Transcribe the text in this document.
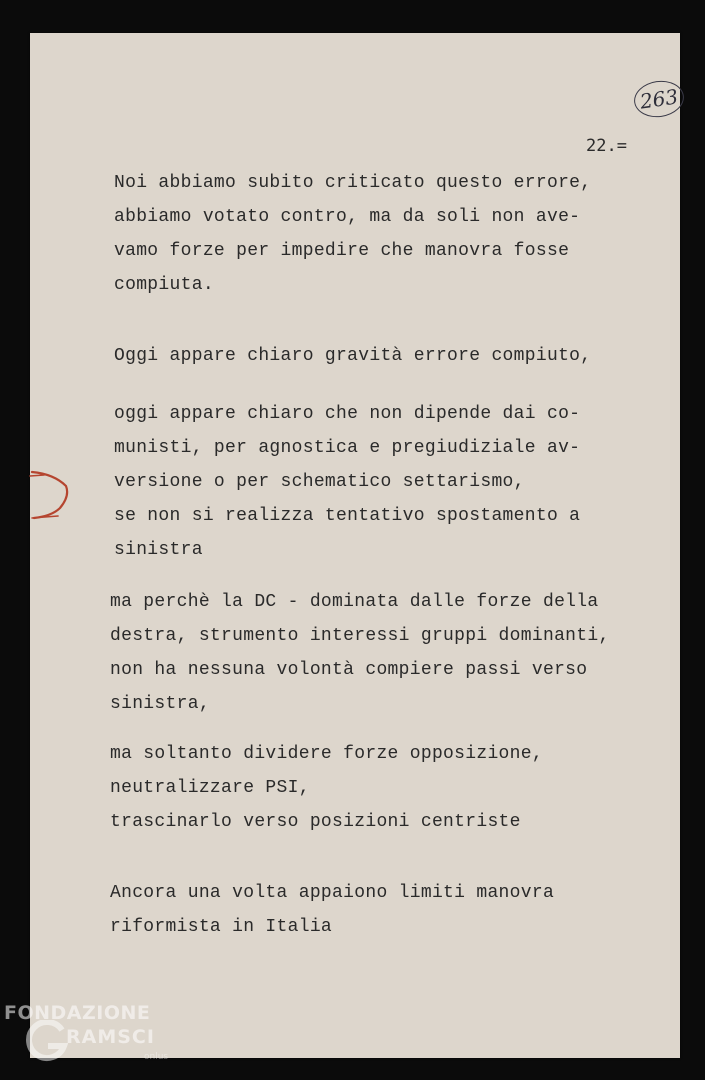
263
22.=
Noi abbiamo subito criticato questo errore,
abbiamo votato contro, ma da soli non ave-
vamo forze per impedire che manovra fosse
compiuta.
Oggi appare chiaro gravità errore compiuto,
oggi appare chiaro che non dipende dai co-
munisti, per agnostica e pregiudiziale av-
versione o per schematico settarismo,
se non si realizza tentativo spostamento a
sinistra
ma perchè la DC - dominata dalle forze della
destra, strumento interessi gruppi dominanti,
non ha nessuna volontà compiere passi verso
sinistra,
ma soltanto dividere forze opposizione,
neutralizzare PSI,
trascinarlo verso posizioni centriste
Ancora una volta appaiono limiti manovra
riformista in Italia
FONDAZIONE
RAMSCI
onlus
